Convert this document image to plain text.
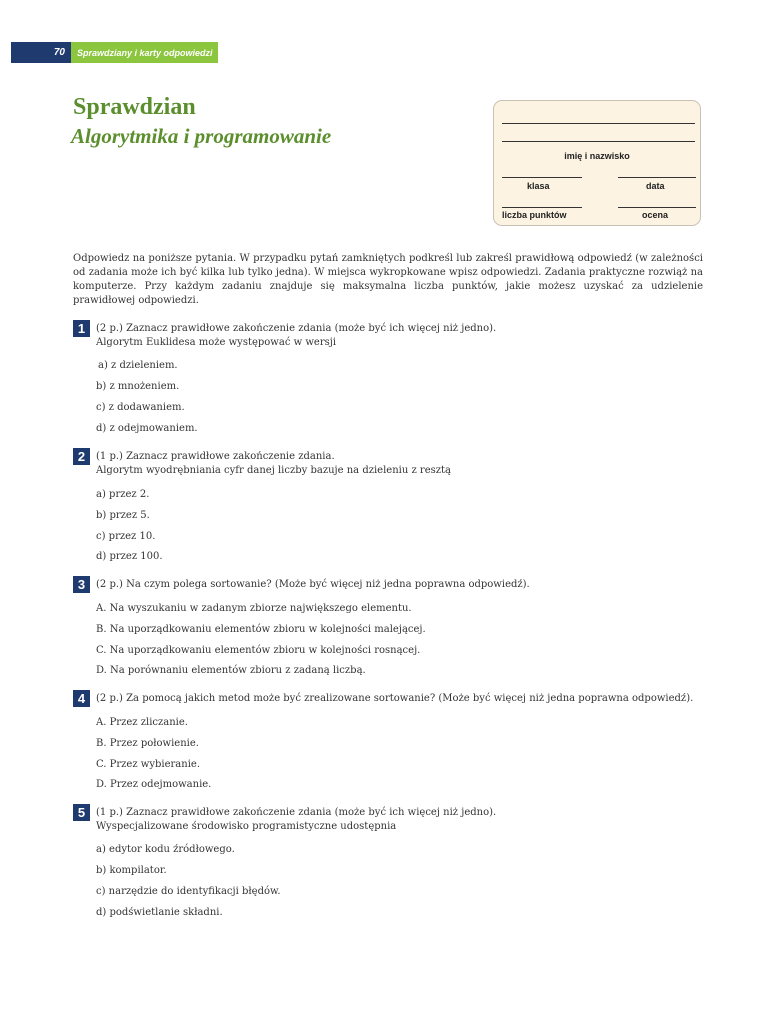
70	Sprawdziany i karty odpowiedzi
Sprawdzian
Algorytmika i programowanie
imię i nazwisko
klasa	data
liczba punktów	ocena
Odpowiedz na poniższe pytania. W przypadku pytań zamkniętych podkreśl lub zakreśl prawidłową odpowiedź (w zależności od zadania może ich być kilka lub tylko jedna). W miejsca wykropkowane wpisz odpowiedzi. Zadania praktyczne rozwiąż na komputerze. Przy każdym zadaniu znajduje się maksymalna liczba punktów, jakie możesz uzyskać za udzielenie prawidłowej odpowiedzi.
1	(2 p.) Zaznacz prawidłowe zakończenie zdania (może być ich więcej niż jedno).
Algorytm Euklidesa może występować w wersji
a) z dzieleniem.
b) z mnożeniem.
c) z dodawaniem.
d) z odejmowaniem.
2	(1 p.) Zaznacz prawidłowe zakończenie zdania.
Algorytm wyodrębniania cyfr danej liczby bazuje na dzieleniu z resztą
a) przez 2.
b) przez 5.
c) przez 10.
d) przez 100.
3	(2 p.) Na czym polega sortowanie? (Może być więcej niż jedna poprawna odpowiedź).
A. Na wyszukaniu w zadanym zbiorze największego elementu.
B. Na uporządkowaniu elementów zbioru w kolejności malejącej.
C. Na uporządkowaniu elementów zbioru w kolejności rosnącej.
D. Na porównaniu elementów zbioru z zadaną liczbą.
4	(2 p.) Za pomocą jakich metod może być zrealizowane sortowanie? (Może być więcej niż jedna poprawna odpowiedź).
A. Przez zliczanie.
B. Przez połowienie.
C. Przez wybieranie.
D. Przez odejmowanie.
5	(1 p.) Zaznacz prawidłowe zakończenie zdania (może być ich więcej niż jedno).
Wyspecjalizowane środowisko programistyczne udostępnia
a) edytor kodu źródłowego.
b) kompilator.
c) narzędzie do identyfikacji błędów.
d) podświetlanie składni.
